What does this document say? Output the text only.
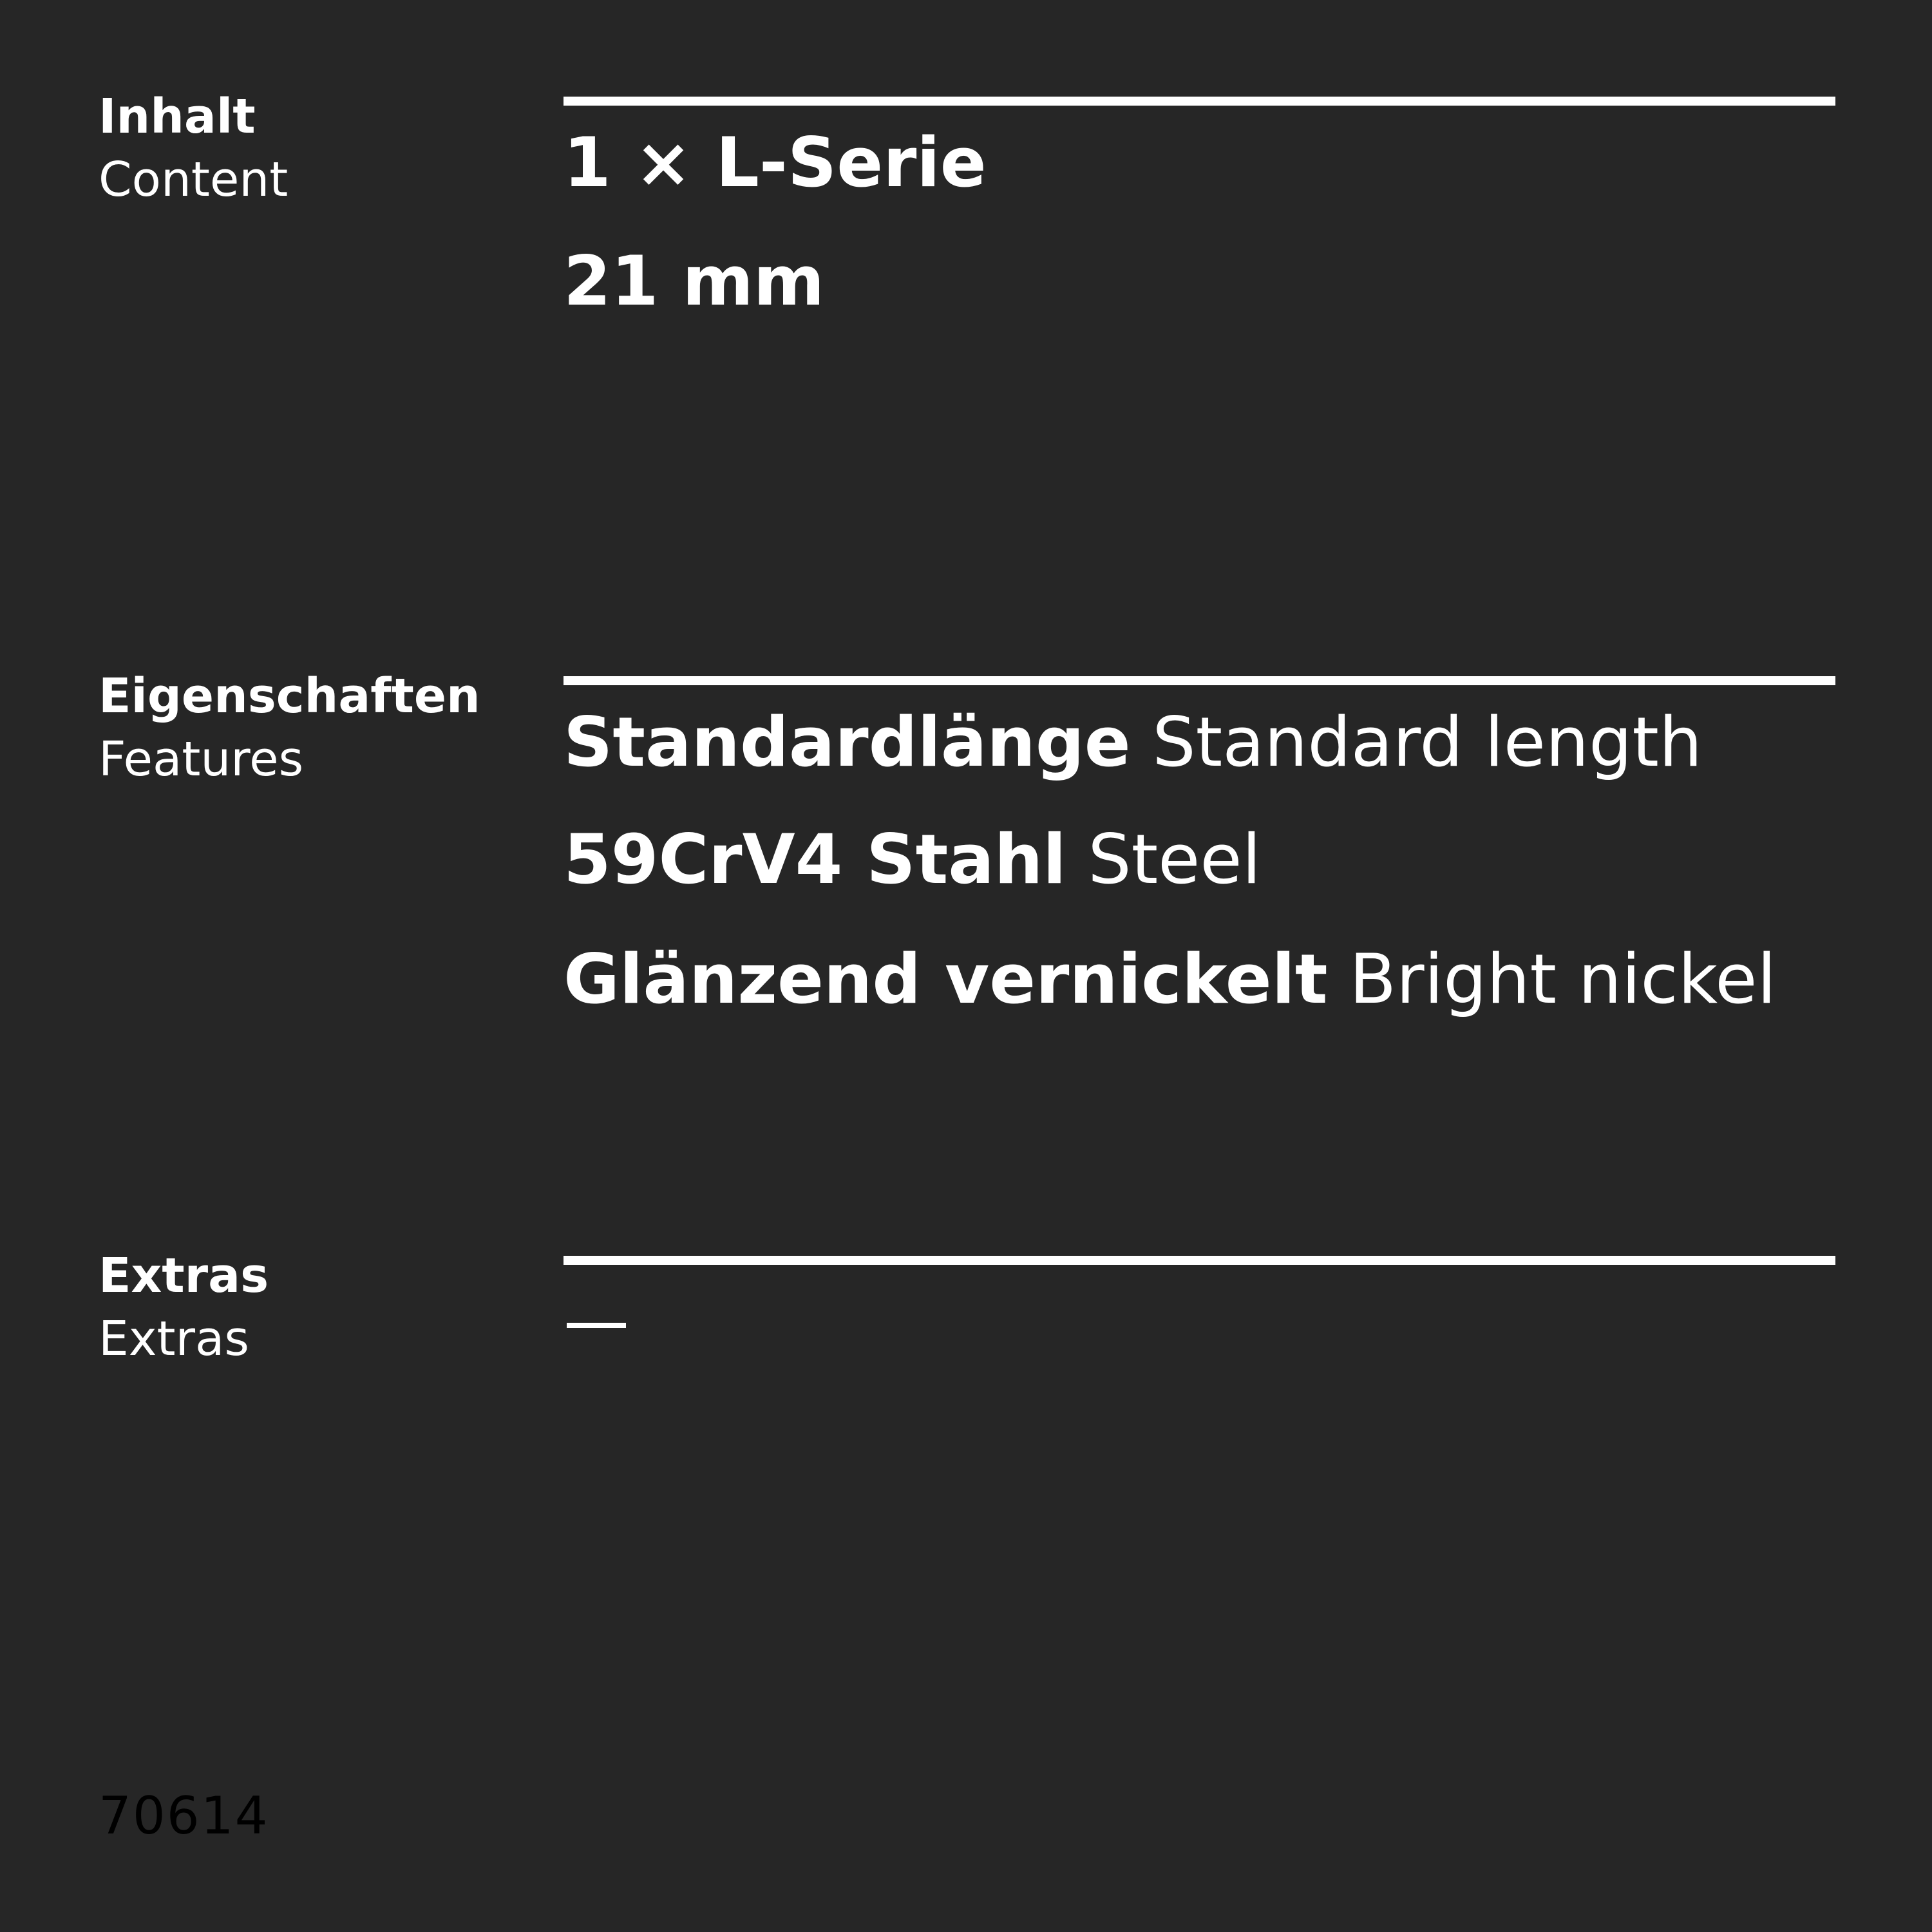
Inhalt
Content	1 × L-Serie
21 mm
Eigenschaften
Features	Standardlänge Standard length
59CrV4 Stahl Steel
Glänzend vernickelt Bright nickel
Extras
Extras
70614
